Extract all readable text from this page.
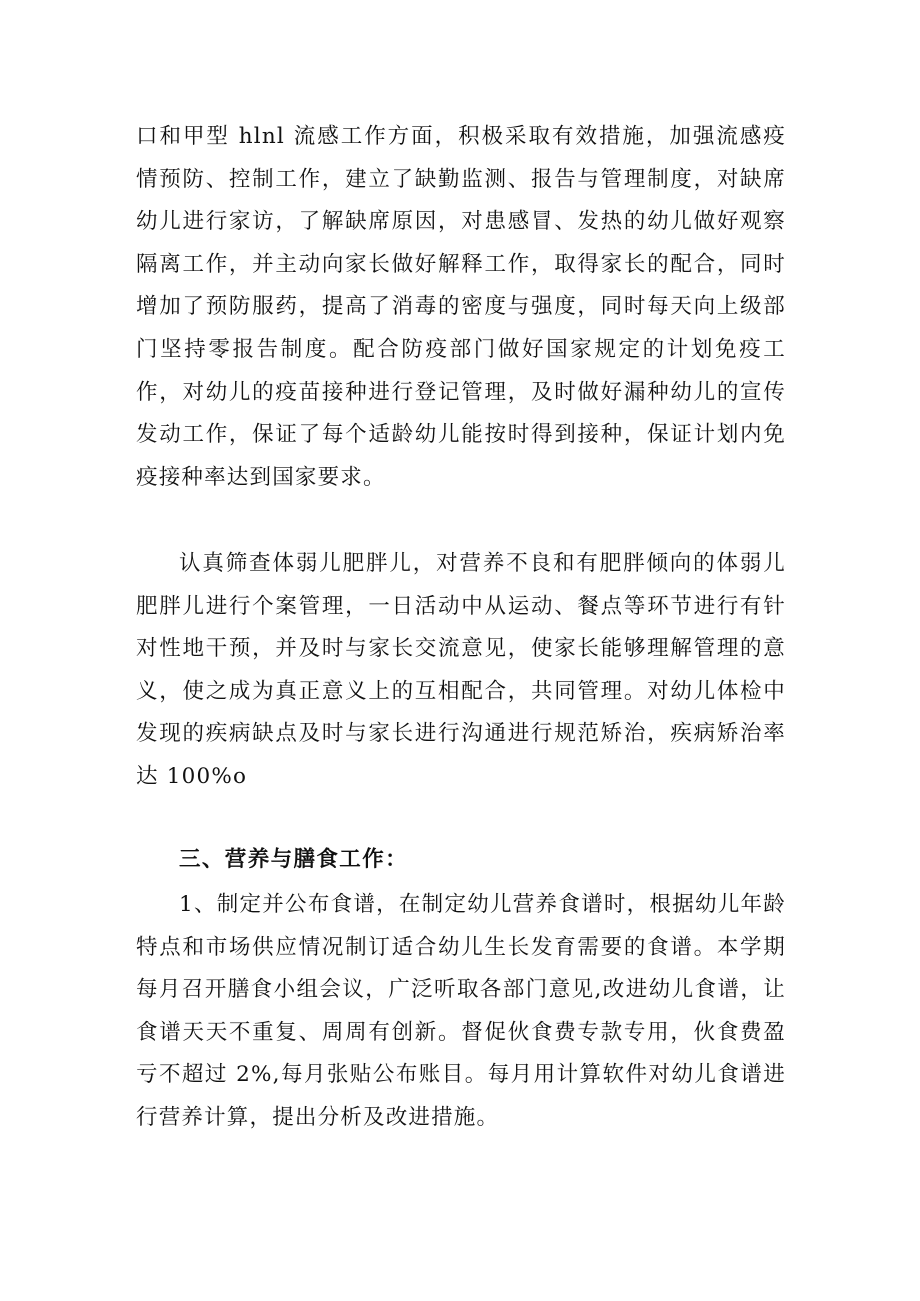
口和甲型 hlnl 流感工作方面，积极采取有效措施，加强流感疫情预防、控制工作，建立了缺勤监测、报告与管理制度，对缺席幼儿进行家访，了解缺席原因，对患感冒、发热的幼儿做好观察隔离工作，并主动向家长做好解释工作，取得家长的配合，同时增加了预防服药，提高了消毒的密度与强度，同时每天向上级部门坚持零报告制度。配合防疫部门做好国家规定的计划免疫工作，对幼儿的疫苗接种进行登记管理，及时做好漏种幼儿的宣传发动工作，保证了每个适龄幼儿能按时得到接种，保证计划内免疫接种率达到国家要求。

认真筛查体弱儿肥胖儿，对营养不良和有肥胖倾向的体弱儿肥胖儿进行个案管理，一日活动中从运动、餐点等环节进行有针对性地干预，并及时与家长交流意见，使家长能够理解管理的意义，使之成为真正意义上的互相配合，共同管理。对幼儿体检中发现的疾病缺点及时与家长进行沟通进行规范矫治，疾病矫治率达 100%o

三、营养与膳食工作：

1、制定并公布食谱，在制定幼儿营养食谱时，根据幼儿年龄特点和市场供应情况制订适合幼儿生长发育需要的食谱。本学期每月召开膳食小组会议，广泛听取各部门意见,改进幼儿食谱，让食谱天天不重复、周周有创新。督促伙食费专款专用，伙食费盈亏不超过 2%,每月张贴公布账目。每月用计算软件对幼儿食谱进行营养计算，提出分析及改进措施。
